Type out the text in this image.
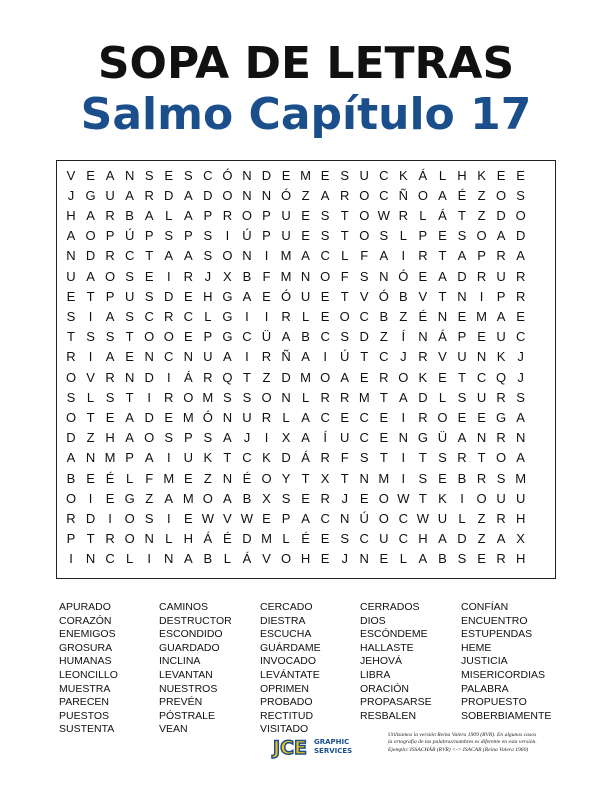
SOPA DE LETRAS
Salmo Capítulo 17
V E A N S E S C Ó N D E M E S U C K Á L H K E E
J G U A R D A D O N N Ó Z A R O C Ñ O A É Z O S
H A R B A L A P R O P U E S T O W R L Á T Z D O
A O P Ú P S P S	I	Ú P U E S T O S L P E S O A D
N D R C T A A S O N	I M A C L F A	I	R T A P R A
U A O S E	I	R J X B F M N O F S N Ó E A D R U R
E T P U S D E H G A E Ó U E T V Ó B V T N	I	P R
S	I	A S C R C L G I	I	R L E O C B Z É N E M A E
T S S T O O E P G C Ü A B C S D Z	Í	N Á P E U C
R	I	A E N C N U A	I	R Ñ A	I	Ú T C J R V U N K J
O V R N D	I	Á R Q T Z D M O A E R O K E T C Q J
S L S T	I	R O M S S O N L R R M T A D L S U R S
O T E A D E M Ó N U R L A C E C E	I	R O E E G A
D Z H A O S P S A J	I	X A	Í	U C E N G Ü A N R N
A N M P A	I	U K T C K D Á R F S T	I	T S R T O A
B E É L F M E Z N É O Y T X T N M I	S E B R S M
O I	E G Z A M O A B X S E R J E O W T K	I O U U
R D	I O S	I	E W V W E P A C N Ú O C W U L Z R H
P T R O N L H Á É D M L É E S C U C H A D Z A X
I	N C L	I	N A B L Á V O H E J N E L A B S E R H
APURADO
CORAZÓN
ENEMIGOS
GROSURA
HUMANAS
LEONCILLO
MUESTRA
PARECEN
PUESTOS
SUSTENTA
CAMINOS
DESTRUCTOR
ESCONDIDO
GUARDADO
INCLINA
LEVANTAN
NUESTROS
PREVÉN
PÓSTRALE
VEAN
CERCADO
DIESTRA
ESCUCHA
GUÁRDAME
INVOCADO
LEVÁNTATE
OPRIMEN
PROBADO
RECTITUD
VISITADO
CERRADOS
DIOS
ESCÓNDEME
HALLASTE
JEHOVÁ
LIBRA
ORACIÓN
PROPASARSE
RESBALEN
CONFÍAN
ENCUENTRO
ESTUPENDAS
HEME
JUSTICIA
MISERICORDIAS
PALABRA
PROPUESTO
SOBERBIAMENTE
JCE GRAPHIC
SERVICES
Utilizamos la versión Reina Valera 1909 (RVR). En algunos casos
la ortografía de las palabras/nombres es diferente en esta versión.
Ejemplo: ISSACHÁR (RVR) <-> ISACAR (Reina Valera 1960)
